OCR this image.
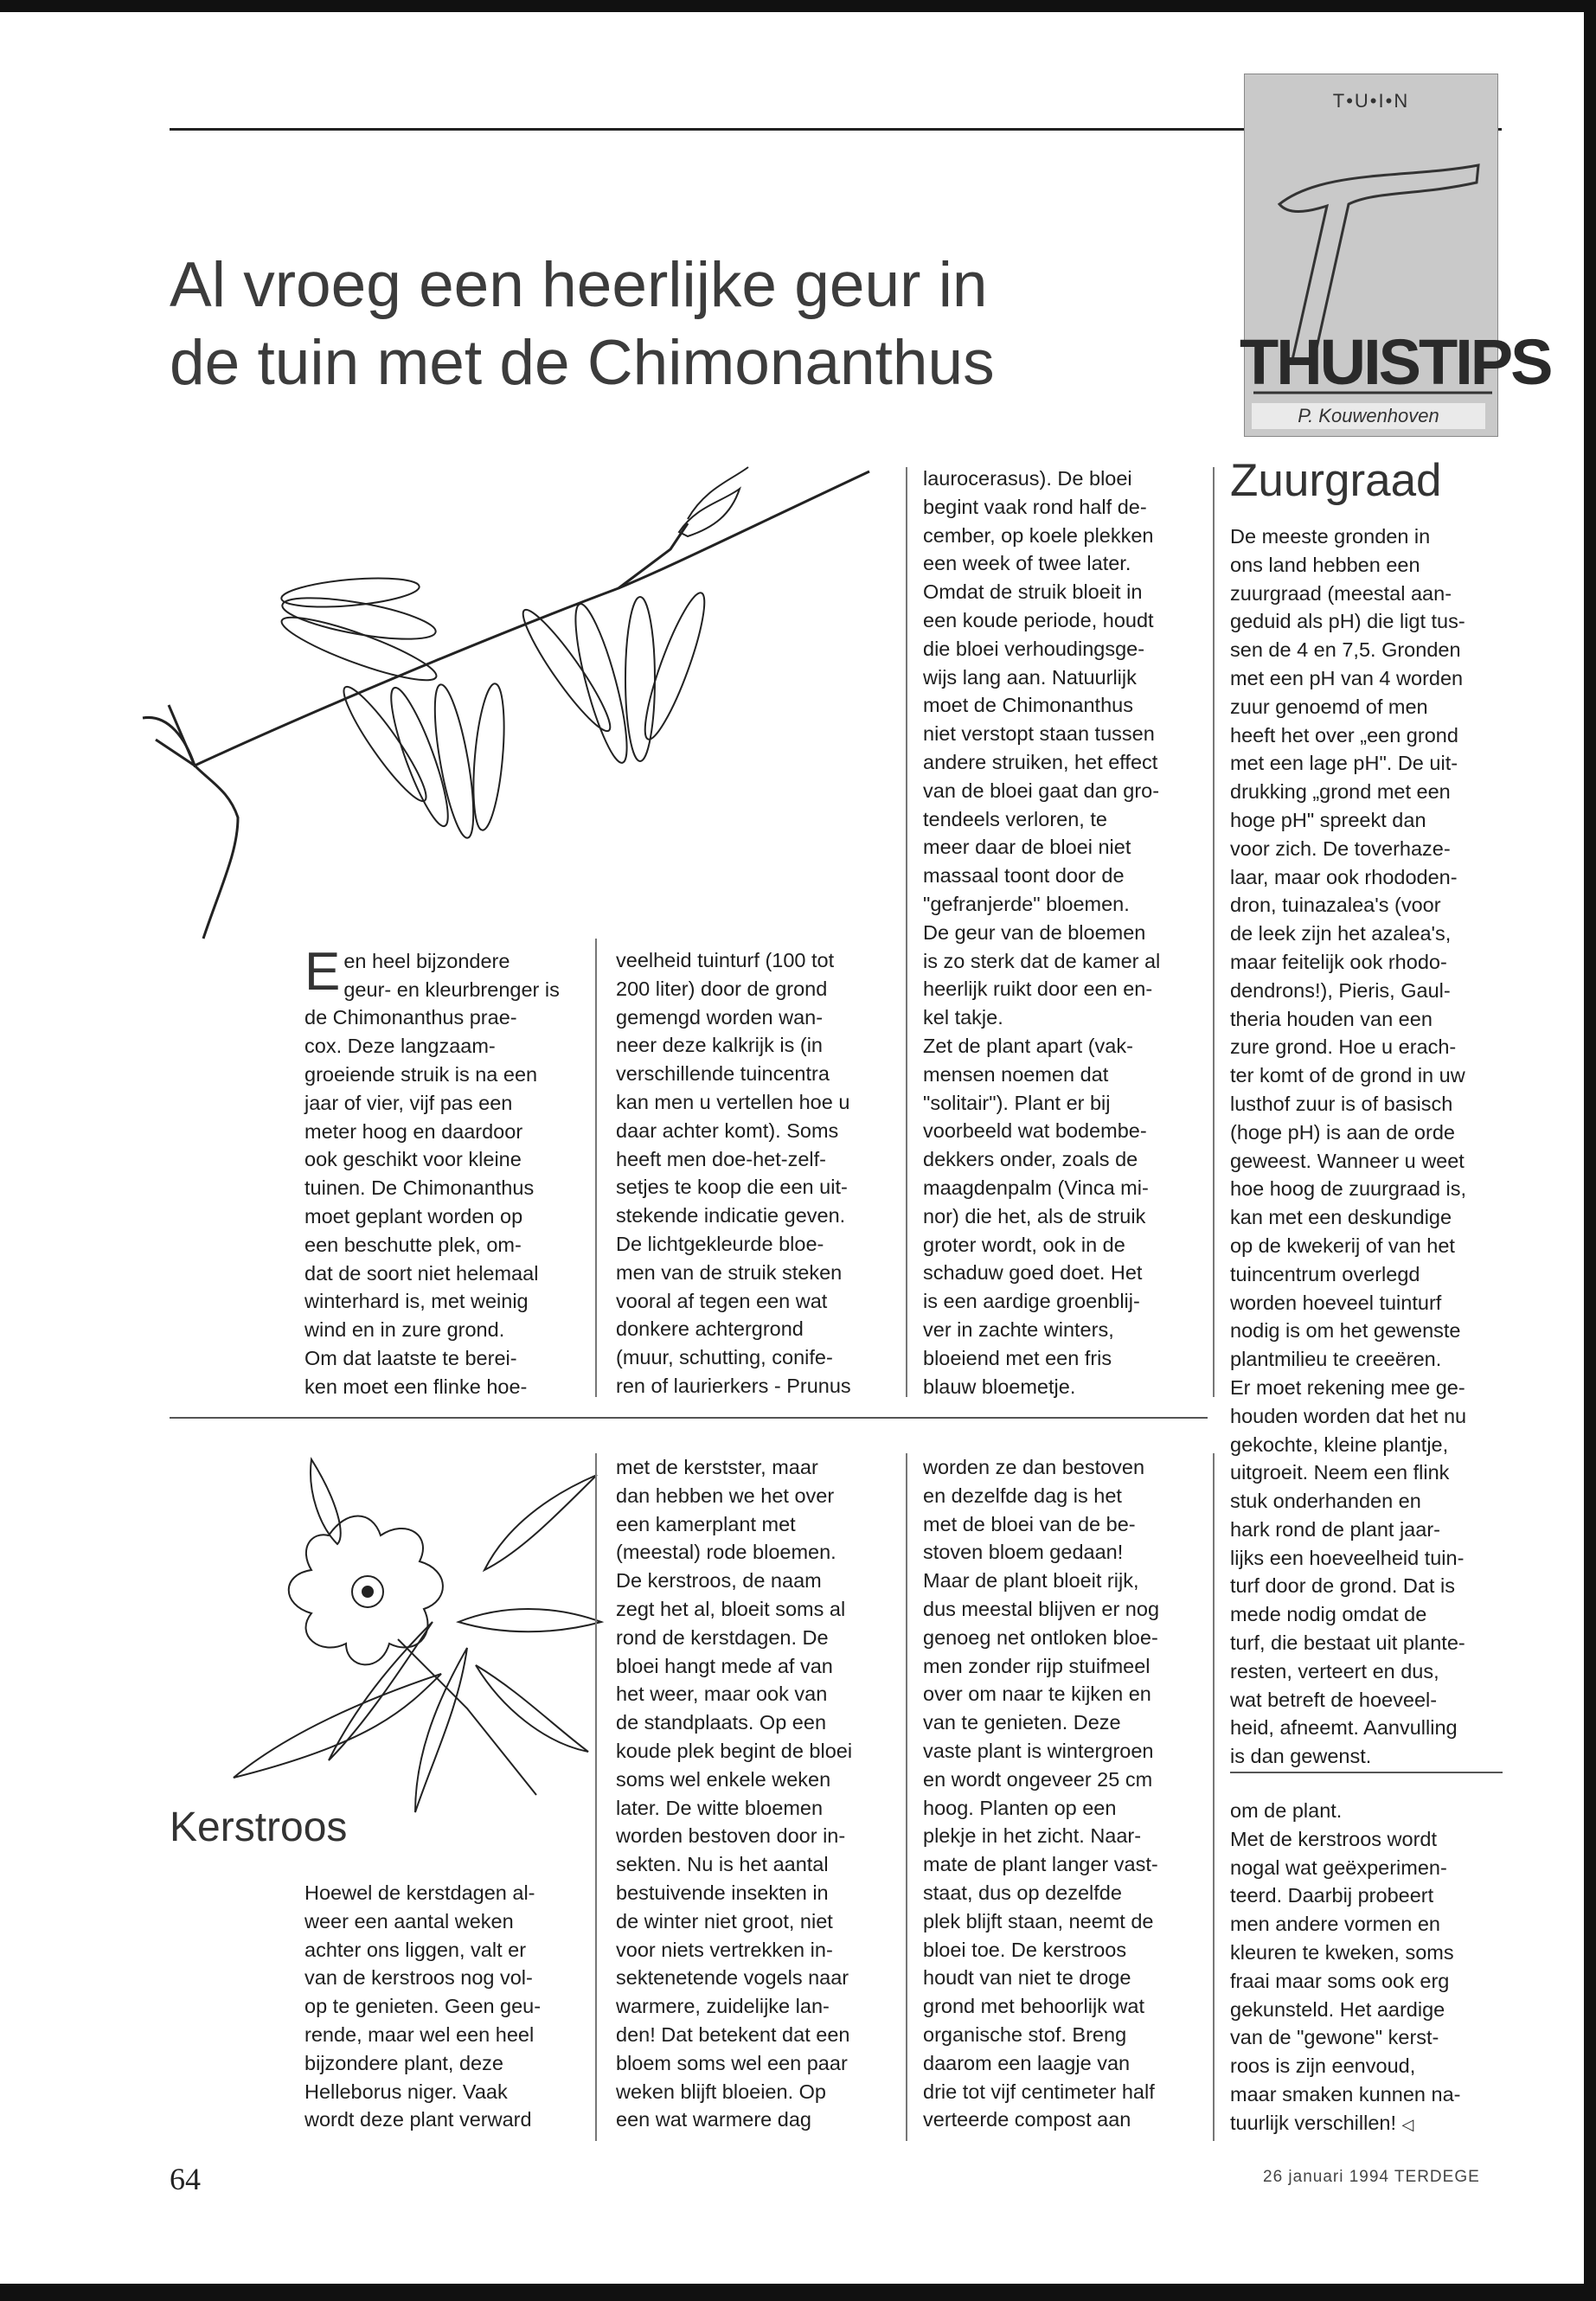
T•U•I•N
THUISTIPS
P. Kouwenhoven
Al vroeg een heerlijke geur in
de tuin met de Chimonanthus

Een heel bijzondere
geur- en kleurbrenger is
de Chimonanthus prae-
cox. Deze langzaam-
groeiende struik is na een
jaar of vier, vijf pas een
meter hoog en daardoor
ook geschikt voor kleine
tuinen. De Chimonanthus
moet geplant worden op
een beschutte plek, om-
dat de soort niet helemaal
winterhard is, met weinig
wind en in zure grond.
Om dat laatste te berei-
ken moet een flinke hoe-

veelheid tuinturf (100 tot
200 liter) door de grond
gemengd worden wan-
neer deze kalkrijk is (in
verschillende tuincentra
kan men u vertellen hoe u
daar achter komt). Soms
heeft men doe-het-zelf-
setjes te koop die een uit-
stekende indicatie geven.
De lichtgekleurde bloe-
men van de struik steken
vooral af tegen een wat
donkere achtergrond
(muur, schutting, conife-
ren of laurierkers - Prunus
laurocerasus). De bloei
begint vaak rond half de-
cember, op koele plekken
een week of twee later.
Omdat de struik bloeit in
een koude periode, houdt
die bloei verhoudingsge-
wijs lang aan. Natuurlijk
moet de Chimonanthus
niet verstopt staan tussen
andere struiken, het effect
van de bloei gaat dan gro-
tendeels verloren, te
meer daar de bloei niet
massaal toont door de
"gefranjerde" bloemen.
De geur van de bloemen
is zo sterk dat de kamer al
heerlijk ruikt door een en-
kel takje.
Zet de plant apart (vak-
mensen noemen dat
"solitair"). Plant er bij
voorbeeld wat bodembe-
dekkers onder, zoals de
maagdenpalm (Vinca mi-
nor) die het, als de struik
groter wordt, ook in de
schaduw goed doet. Het
is een aardige groenblij-
ver in zachte winters,
bloeiend met een fris
blauw bloemetje.
Zuurgraad
De meeste gronden in
ons land hebben een
zuurgraad (meestal aan-
geduid als pH) die ligt tus-
sen de 4 en 7,5. Gronden
met een pH van 4 worden
zuur genoemd of men
heeft het over „een grond
met een lage pH". De uit-
drukking „grond met een
hoge pH" spreekt dan
voor zich. De toverhaze-
laar, maar ook rhododen-
dron, tuinazalea's (voor
de leek zijn het azalea's,
maar feitelijk ook rhodo-
dendrons!), Pieris, Gaul-
theria houden van een
zure grond. Hoe u erach-
ter komt of de grond in uw
lusthof zuur is of basisch
(hoge pH) is aan de orde
geweest. Wanneer u weet
hoe hoog de zuurgraad is,
kan met een deskundige
op de kwekerij of van het
tuincentrum overlegd
worden hoeveel tuinturf
nodig is om het gewenste
plantmilieu te creeëren.
Er moet rekening mee ge-
houden worden dat het nu
gekochte, kleine plantje,
uitgroeit. Neem een flink
stuk onderhanden en
hark rond de plant jaar-
lijks een hoeveelheid tuin-
turf door de grond. Dat is
mede nodig omdat de
turf, die bestaat uit plante-
resten, verteert en dus,
wat betreft de hoeveel-
heid, afneemt. Aanvulling
is dan gewenst.
Kerstroos
Hoewel de kerstdagen al-
weer een aantal weken
achter ons liggen, valt er
van de kerstroos nog vol-
op te genieten. Geen geu-
rende, maar wel een heel
bijzondere plant, deze
Helleborus niger. Vaak
wordt deze plant verward
met de kerstster, maar
dan hebben we het over
een kamerplant met
(meestal) rode bloemen.
De kerstroos, de naam
zegt het al, bloeit soms al
rond de kerstdagen. De
bloei hangt mede af van
het weer, maar ook van
de standplaats. Op een
koude plek begint de bloei
soms wel enkele weken
later. De witte bloemen
worden bestoven door in-
sekten. Nu is het aantal
bestuivende insekten in
de winter niet groot, niet
voor niets vertrekken in-
sektenetende vogels naar
warmere, zuidelijke lan-
den! Dat betekent dat een
bloem soms wel een paar
weken blijft bloeien. Op
een wat warmere dag
worden ze dan bestoven
en dezelfde dag is het
met de bloei van de be-
stoven bloem gedaan!
Maar de plant bloeit rijk,
dus meestal blijven er nog
genoeg net ontloken bloe-
men zonder rijp stuifmeel
over om naar te kijken en
van te genieten. Deze
vaste plant is wintergroen
en wordt ongeveer 25 cm
hoog. Planten op een
plekje in het zicht. Naar-
mate de plant langer vast-
staat, dus op dezelfde
plek blijft staan, neemt de
bloei toe. De kerstroos
houdt van niet te droge
grond met behoorlijk wat
organische stof. Breng
daarom een laagje van
drie tot vijf centimeter half
verteerde compost aan
om de plant.
Met de kerstroos wordt
nogal wat geëxperimen-
teerd. Daarbij probeert
men andere vormen en
kleuren te kweken, soms
fraai maar soms ook erg
gekunsteld. Het aardige
van de "gewone" kerst-
roos is zijn eenvoud,
maar smaken kunnen na-
tuurlijk verschillen! ◁
64	26 januari 1994 TERDEGE
